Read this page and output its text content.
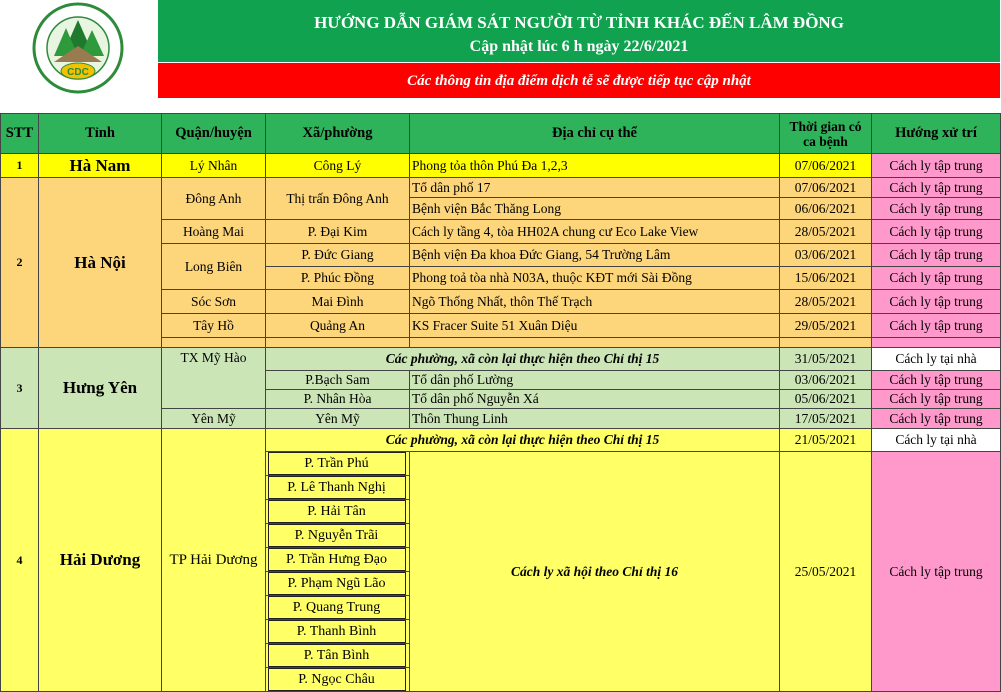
CDC
HƯỚNG DẪN GIÁM SÁT NGƯỜI TỪ TỈNH KHÁC ĐẾN LÂM ĐỒNG
Cập nhật lúc 6 h ngày 22/6/2021
Các thông tin địa điểm dịch tễ sẽ được tiếp tục cập nhật
STT	Tỉnh	Quận/huyện	Xã/phường	Địa chỉ cụ thể	Thời gian có ca bệnh	Hướng xử trí
1	Hà Nam	Lý Nhân	Công Lý	Phong tỏa thôn Phú Đa 1,2,3	07/06/2021	Cách ly tập trung
2	Hà Nội	Đông Anh	Thị trấn Đông Anh	Tổ dân phố 17	07/06/2021	Cách ly tập trung
				Bệnh viện Bắc Thăng Long	06/06/2021	Cách ly tập trung
		Hoàng Mai	P. Đại Kim	Cách ly tầng 4, tòa HH02A chung cư Eco Lake View	28/05/2021	Cách ly tập trung
		Long Biên	P. Đức Giang	Bệnh viện Đa khoa Đức Giang, 54 Trường Lâm	03/06/2021	Cách ly tập trung
			P. Phúc Đồng	Phong toả tòa nhà N03A, thuộc KĐT mới Sài Đồng	15/06/2021	Cách ly tập trung
		Sóc Sơn	Mai Đình	Ngõ Thống Nhất, thôn Thế Trạch	28/05/2021	Cách ly tập trung
		Tây Hồ	Quảng An	KS Fracer Suite 51 Xuân Diệu	29/05/2021	Cách ly tập trung

3	Hưng Yên	TX Mỹ Hào	Các phường, xã còn lại thực hiện theo Chỉ thị 15		31/05/2021	Cách ly tại nhà
			P.Bạch Sam	Tổ dân phố Lường	03/06/2021	Cách ly tập trung
			P. Nhân Hòa	Tổ dân phố Nguyễn Xá	05/06/2021	Cách ly tập trung
		Yên Mỹ	Yên Mỹ	Thôn Thung Linh	17/05/2021	Cách ly tập trung
4	Hải Dương	TP Hải Dương	Các phường, xã còn lại thực hiện theo Chỉ thị 15		21/05/2021	Cách ly tại nhà

			P. Trần Phú	Cách ly xã hội theo Chỉ thị 16	25/05/2021	Cách ly tập trung

			P. Lê Thanh Nghị			

			P. Hải Tân			

			P. Nguyễn Trãi			

			P. Trần Hưng Đạo			

			P. Phạm Ngũ Lão			

			P. Quang Trung			

			P. Thanh Bình			

			P. Tân Bình			

			P. Ngọc Châu			
